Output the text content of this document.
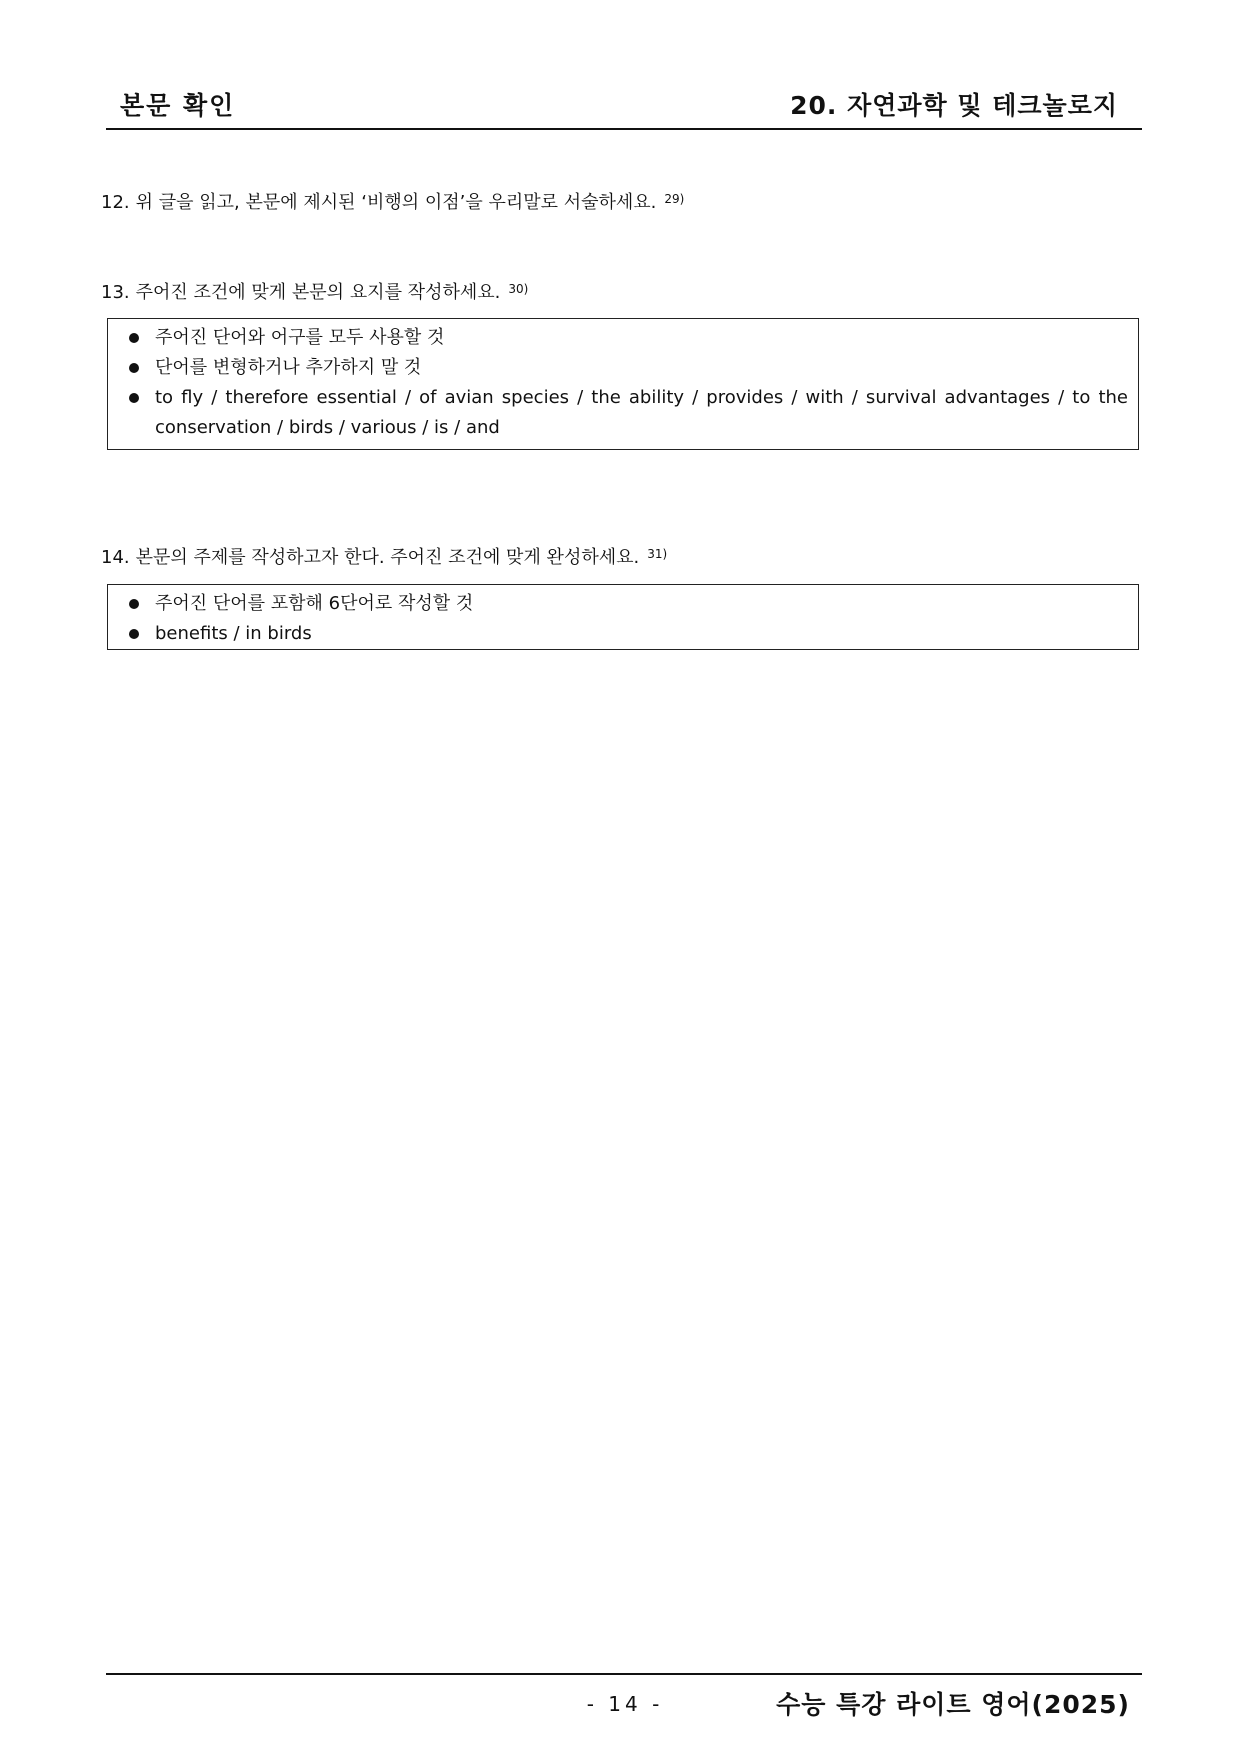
본문 확인	20. 자연과학 및 테크놀로지
12. 위 글을 읽고, 본문에 제시된 ‘비행의 이점’을 우리말로 서술하세요. $^{29)}$
13. 주어진 조건에 맞게 본문의 요지를 작성하세요. $^{30)}$
주어진 단어와 어구를 모두 사용할 것
단어를 변형하거나 추가하지 말 것
to fly / therefore essential / of avian species / the ability / provides / with / survival advantages / to the conservation / birds / various / is / and
14. 본문의 주제를 작성하고자 한다. 주어진 조건에 맞게 완성하세요. $^{31)}$
주어진 단어를 포함해 6단어로 작성할 것
benefits / in birds
- 14 -	수능 특강 라이트 영어(2025)
